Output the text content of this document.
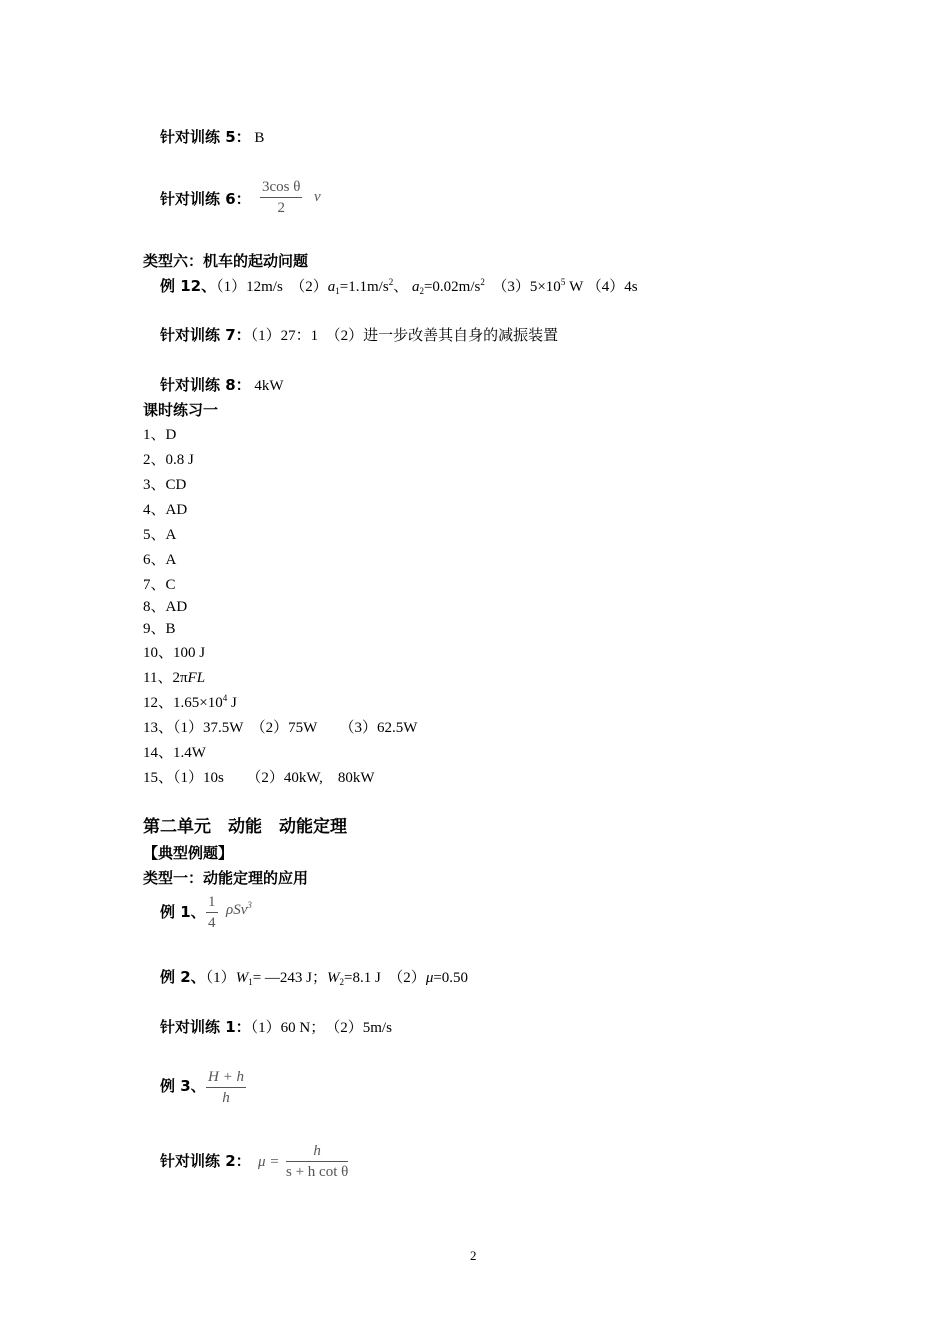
针对训练 5： B
针对训练 6：
3cos θ
2
v
类型六：机车的起动问题
例 12、（1）12m/s　$(2)a_1=1.1m/s^2$、 $a_2=0.02m/s^2$　$(3)5\times 10^5$ W （4）4s
针对训练 7：（1）27：1　（2）进一步改善其自身的减振装置
针对训练 8： 4kW
课时练习一
1、D
2、0.8 J
3、CD
4、AD
5、A
6、A
7、C
8、AD
9、B
10、100 J
11、2πFL
12、$1.65\times 10^4$ J
13、（1）37.5W　（2）75W　　（3）62.5W
14、1.4W
15、（1）10s　　（2）40kW,　80kW
第二单元　动能　动能定理
【典型例题】
类型一：动能定理的应用
例 1、
1
4
ρSv$^3$
例 2、$(1)W_1=$ —243 J；$W_2=8.1$ J　（2）μ=0.50
针对训练 1：（1）60 N；　（2）5m/s
例 3、 H + h
h
针对训练 2： μ =
h
s + h cot θ
2
